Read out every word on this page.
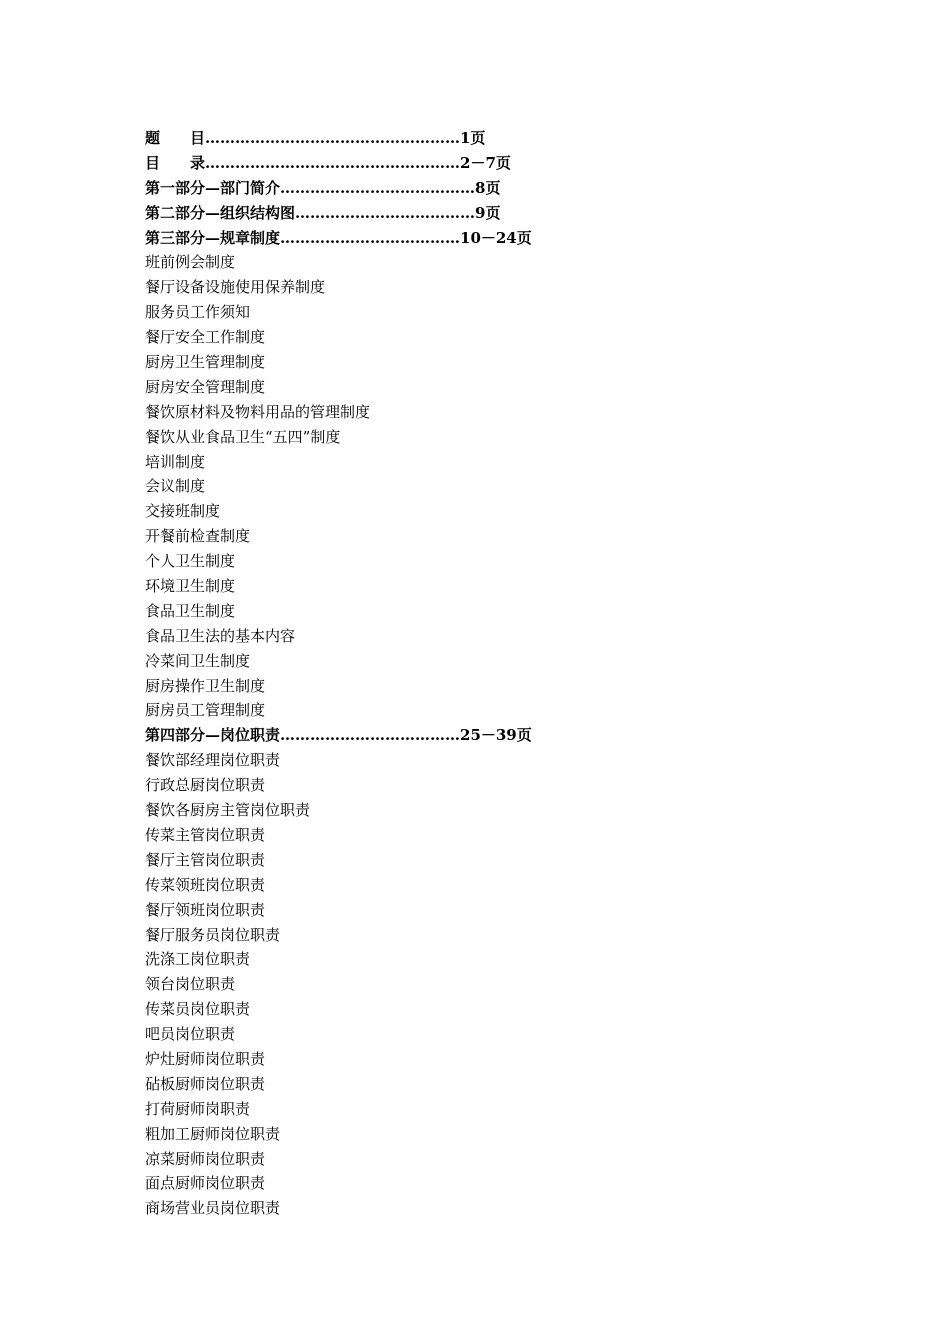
题　　目……………………………………………1页
目　　录……………………………………………2－7页
第一部分—部门简介…………………………………8页
第二部分—组织结构图………………………………9页
第三部分—规章制度………………………………10－24页
班前例会制度
餐厅设备设施使用保养制度
服务员工作须知
餐厅安全工作制度
厨房卫生管理制度
厨房安全管理制度
餐饮原材料及物料用品的管理制度
餐饮从业食品卫生“五四”制度
培训制度
会议制度
交接班制度
开餐前检查制度
个人卫生制度
环境卫生制度
食品卫生制度
食品卫生法的基本内容
冷菜间卫生制度
厨房操作卫生制度
厨房员工管理制度
第四部分—岗位职责………………………………25－39页
餐饮部经理岗位职责
行政总厨岗位职责
餐饮各厨房主管岗位职责
传菜主管岗位职责
餐厅主管岗位职责
传菜领班岗位职责
餐厅领班岗位职责
餐厅服务员岗位职责
洗涤工岗位职责
领台岗位职责
传菜员岗位职责
吧员岗位职责
炉灶厨师岗位职责
砧板厨师岗位职责
打荷厨师岗职责
粗加工厨师岗位职责
凉菜厨师岗位职责
面点厨师岗位职责
商场营业员岗位职责
